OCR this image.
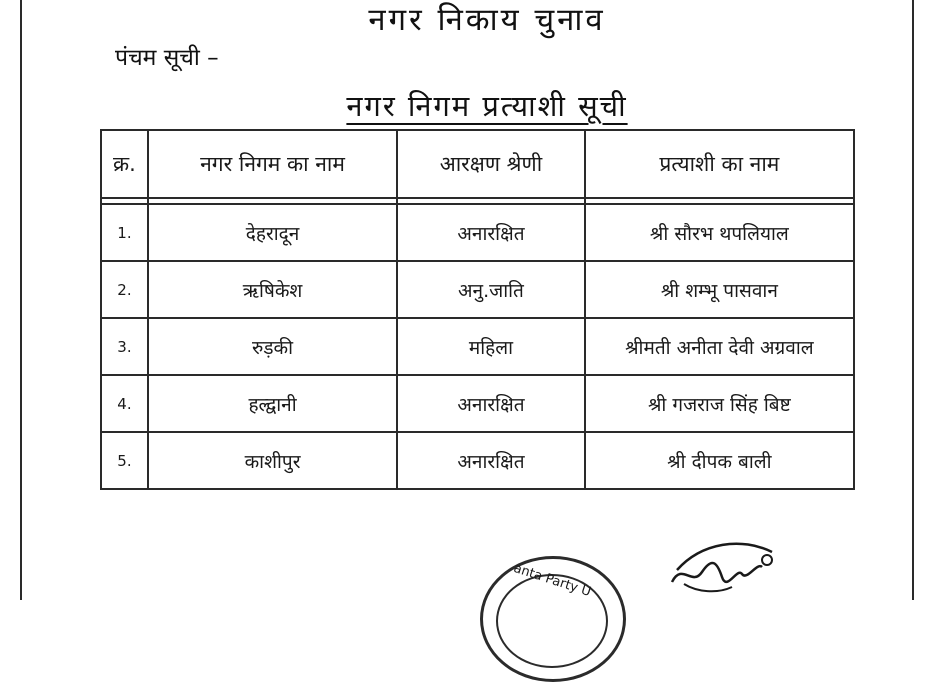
नगर निकाय चुनाव
पंचम सूची –
नगर निगम प्रत्याशी सूची
क्र.	नगर निगम का नाम	आरक्षण श्रेणी	प्रत्याशी का नाम

1.	देहरादून	अनारक्षित	श्री सौरभ थपलियाल
2.	ऋषिकेश	अनु.जाति	श्री शम्भू पासवान
3.	रुड़की	महिला	श्रीमती अनीता देवी अग्रवाल
4.	हल्द्वानी	अनारक्षित	श्री गजराज सिंह बिष्ट
5.	काशीपुर	अनारक्षित	श्री दीपक बाली
anta Party U
